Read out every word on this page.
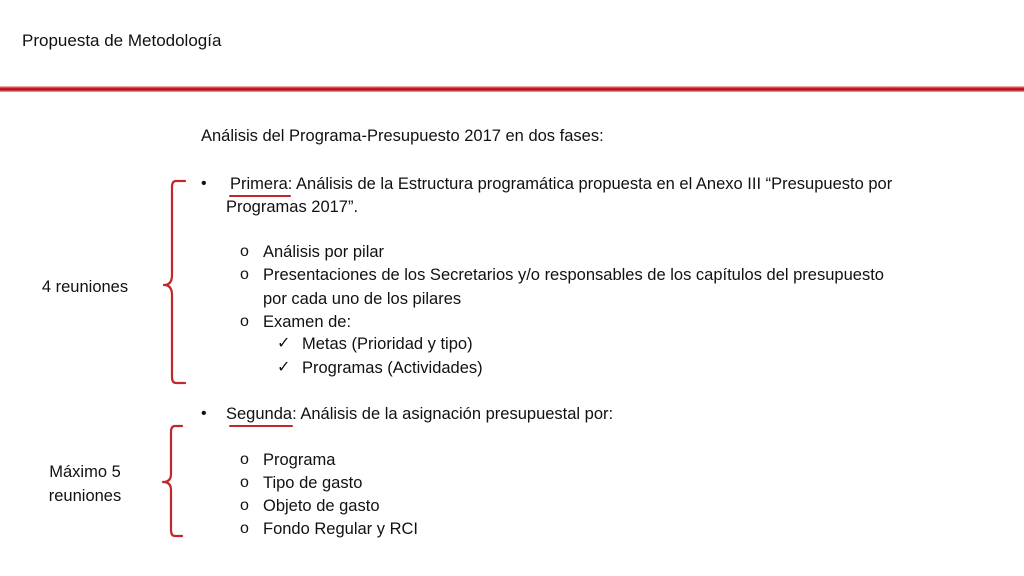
Propuesta de Metodología
Análisis del Programa-Presupuesto 2017 en dos fases:
• Primera: Análisis de la Estructura programática propuesta en el Anexo III “Presupuesto por
Programas 2017”.
o Análisis por pilar
o Presentaciones de los Secretarios y/o responsables de los capítulos del presupuesto
por cada uno de los pilares
o Examen de:
✓ Metas (Prioridad y tipo)
✓ Programas (Actividades)
• Segunda: Análisis de la asignación presupuestal por:
o Programa
o Tipo de gasto
o Objeto de gasto
o Fondo Regular y RCI
4 reuniones
Máximo 5
reuniones
